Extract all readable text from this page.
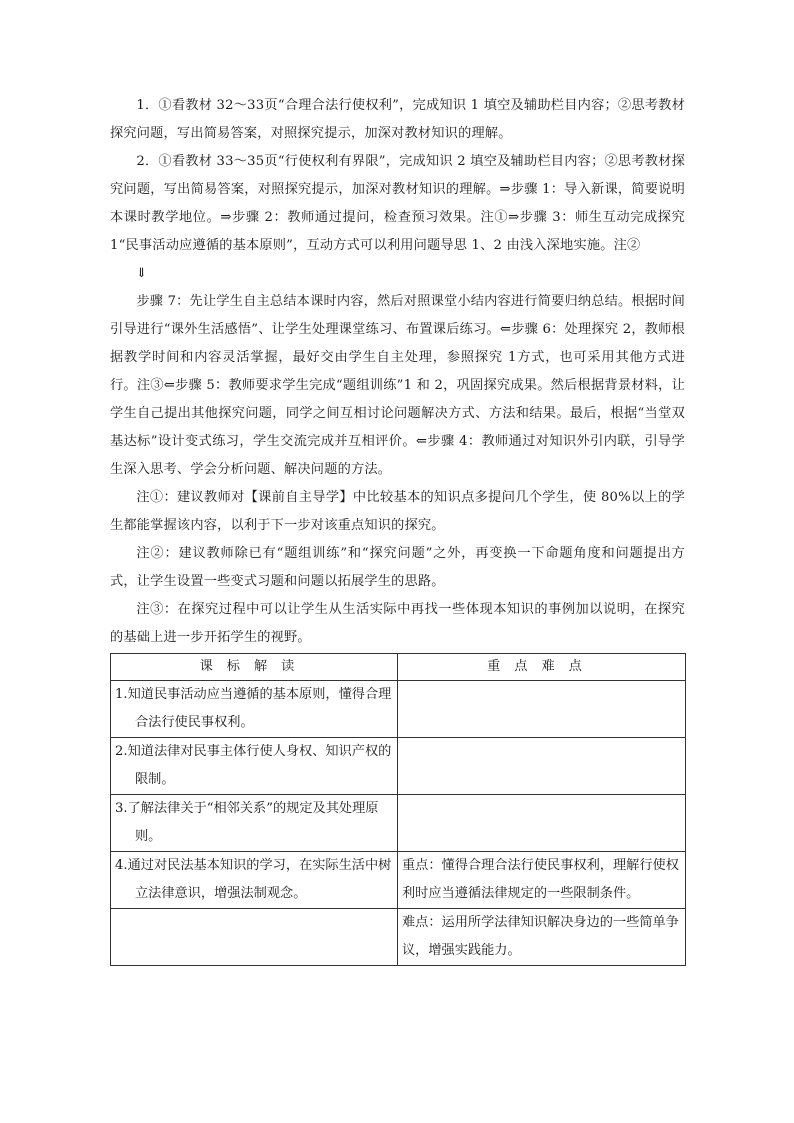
1．①看教材 32～33页“合理合法行使权利”，完成知识 1 填空及辅助栏目内容；②思考教材探究问题，写出简易答案，对照探究提示，加深对教材知识的理解。

2．①看教材 33～35页“行使权利有界限”，完成知识 2 填空及辅助栏目内容；②思考教材探究问题，写出简易答案，对照探究提示，加深对教材知识的理解。⇒步骤 1：导入新课，简要说明本课时教学地位。⇒步骤 2：教师通过提问，检查预习效果。注①⇒步骤 3：师生互动完成探究 1“民事活动应遵循的基本原则”，互动方式可以利用问题导思 1、2 由浅入深地实施。注②

⇓

步骤 7：先让学生自主总结本课时内容，然后对照课堂小结内容进行简要归纳总结。根据时间引导进行“课外生活感悟”、让学生处理课堂练习、布置课后练习。⇐步骤 6：处理探究 2，教师根据教学时间和内容灵活掌握，最好交由学生自主处理，参照探究 1方式，也可采用其他方式进行。注③⇐步骤 5：教师要求学生完成“题组训练”1 和 2，巩固探究成果。然后根据背景材料，让学生自己提出其他探究问题，同学之间互相讨论问题解决方式、方法和结果。最后，根据“当堂双基达标”设计变式练习，学生交流完成并互相评价。⇐步骤 4：教师通过对知识外引内联，引导学生深入思考、学会分析问题、解决问题的方法。

注①：建议教师对【课前自主导学】中比较基本的知识点多提问几个学生，使 80%以上的学生都能掌握该内容，以利于下一步对该重点知识的探究。

注②：建议教师除已有“题组训练”和“探究问题”之外，再变换一下命题角度和问题提出方式，让学生设置一些变式习题和问题以拓展学生的思路。

注③：在探究过程中可以让学生从生活实际中再找一些体现本知识的事例加以说明，在探究的基础上进一步开拓学生的视野。

课标解读	重点难点

1.知道民事活动应当遵循的基本原则，懂得合理合法行使民事权利。	

2.知道法律对民事主体行使人身权、知识产权的限制。	

3.了解法律关于“相邻关系”的规定及其处理原则。	

4.通过对民法基本知识的学习，在实际生活中树立法律意识，增强法制观念。	重点：懂得合理合法行使民事权利，理解行使权利时应当遵循法律规定的一些限制条件。

	难点：运用所学法律知识解决身边的一些简单争议，增强实践能力。
